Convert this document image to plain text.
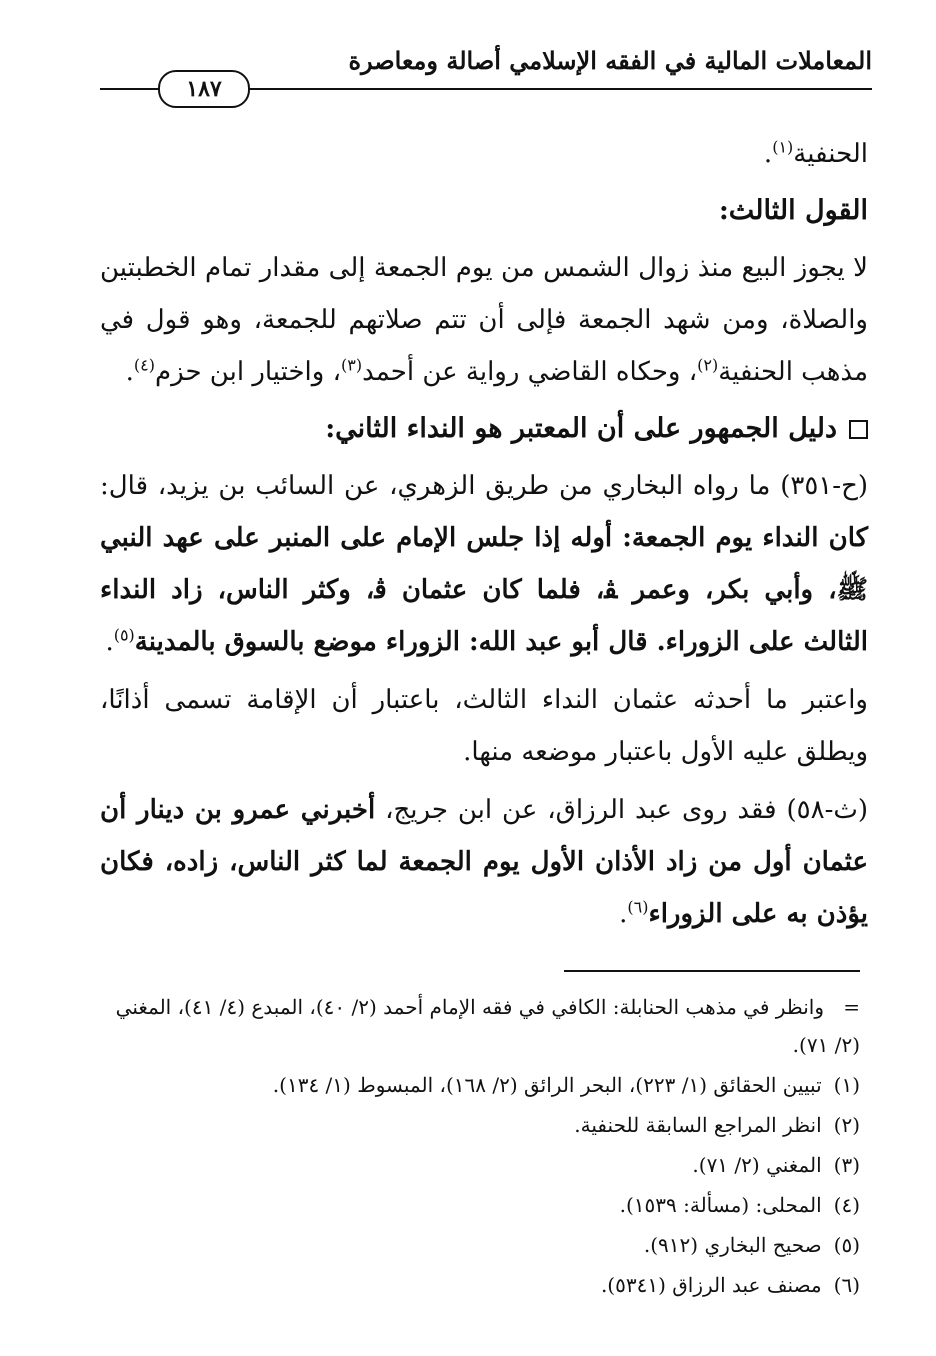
المعاملات المالية في الفقه الإسلامي أصالة ومعاصرة
١٨٧

الحنفية$^{(١)}$.

القول الثالث:

لا يجوز البيع منذ زوال الشمس من يوم الجمعة إلى مقدار تمام الخطبتين والصلاة، ومن شهد الجمعة فإلى أن تتم صلاتهم للجمعة، وهو قول في مذهب الحنفية$^{(٢)}$، وحكاه القاضي رواية عن أحمد$^{(٣)}$، واختيار ابن حزم$^{(٤)}$.

دليل الجمهور على أن المعتبر هو النداء الثاني:

(ح-٣٥١) ما رواه البخاري من طريق الزهري، عن السائب بن يزيد، قال: كان النداء يوم الجمعة: أوله إذا جلس الإمام على المنبر على عهد النبي ﷺ، وأبي بكر، وعمر ﭭ، فلما كان عثمان ﭬ، وكثر الناس، زاد النداء الثالث على الزوراء. قال أبو عبد الله: الزوراء موضع بالسوق بالمدينة$^{(٥)}$.

واعتبر ما أحدثه عثمان النداء الثالث، باعتبار أن الإقامة تسمى أذانًا، ويطلق عليه الأول باعتبار موضعه منها.

(ث-٥٨) فقد روى عبد الرزاق، عن ابن جريج، أخبرني عمرو بن دينار أن عثمان أول من زاد الأذان الأول يوم الجمعة لما كثر الناس، زاده، فكان يؤذن به على الزوراء$^{(٦)}$.

=وانظر في مذهب الحنابلة: الكافي في فقه الإمام أحمد (٢/ ٤٠)، المبدع (٤/ ٤١)، المغني (٢/ ٧١).
(١) تبيين الحقائق (١/ ٢٢٣)، البحر الرائق (٢/ ١٦٨)، المبسوط (١/ ١٣٤).
(٢) انظر المراجع السابقة للحنفية.
(٣) المغني (٢/ ٧١).
(٤) المحلى: (مسألة: ١٥٣٩).
(٥) صحيح البخاري (٩١٢).
(٦) مصنف عبد الرزاق (٥٣٤١).
